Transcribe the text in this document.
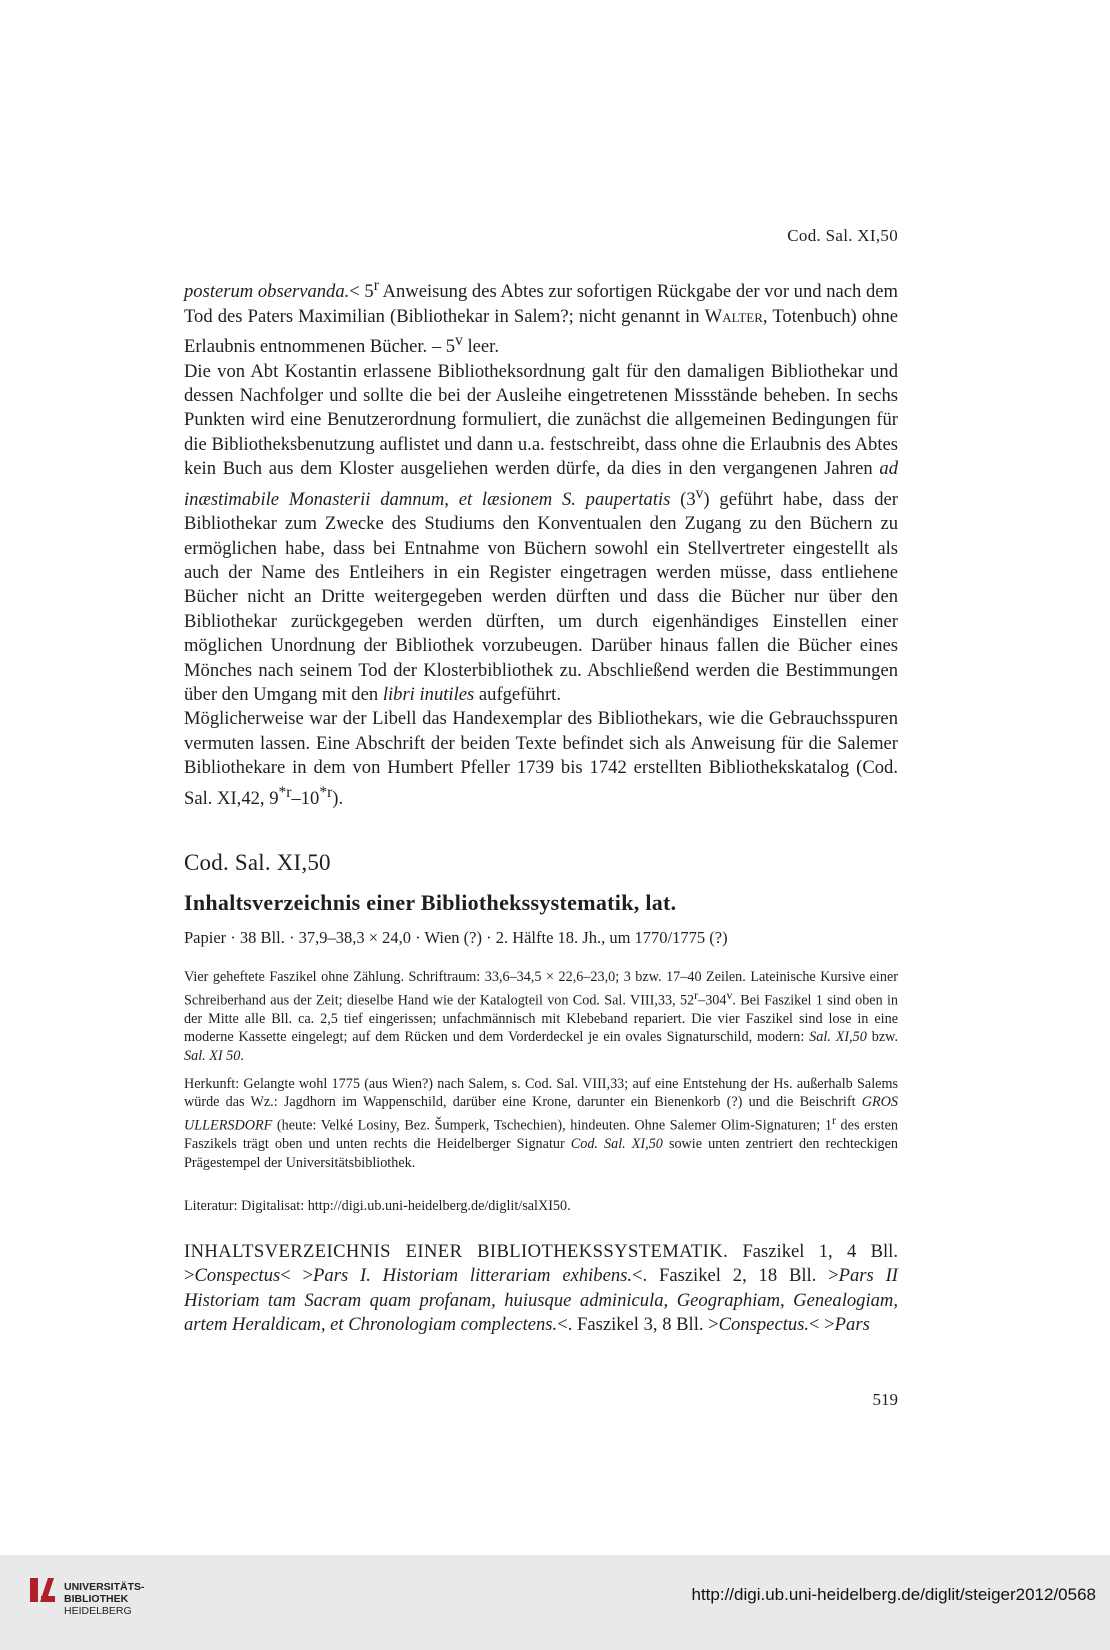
Cod. Sal. XI,50

posterum observanda.< $5^r$ Anweisung des Abtes zur sofortigen Rückgabe der vor und nach dem Tod des Paters Maximilian (Bibliothekar in Salem?; nicht genannt in Walter, Totenbuch) ohne Erlaubnis entnommenen Bücher. – 5$^v$ leer.

Die von Abt Kostantin erlassene Bibliotheksordnung galt für den damaligen Bibliothekar und dessen Nachfolger und sollte die bei der Ausleihe eingetretenen Missstände beheben. In sechs Punkten wird eine Benutzerordnung formuliert, die zunächst die allgemeinen Bedingungen für die Bibliotheksbenutzung auflistet und dann u.a. festschreibt, dass ohne die Erlaubnis des Abtes kein Buch aus dem Kloster ausgeliehen werden dürfe, da dies in den vergangenen Jahren ad inæstimabile Monasterii damnum, et læsionem S. paupertatis (3$^v$) geführt habe, dass der Bibliothekar zum Zwecke des Studiums den Konventualen den Zugang zu den Büchern zu ermöglichen habe, dass bei Entnahme von Büchern sowohl ein Stellvertreter eingestellt als auch der Name des Entleihers in ein Register eingetragen werden müsse, dass entliehene Bücher nicht an Dritte weitergegeben werden dürften und dass die Bücher nur über den Bibliothekar zurückgegeben werden dürften, um durch eigenhändiges Einstellen einer möglichen Unordnung der Bibliothek vorzubeugen. Darüber hinaus fallen die Bücher eines Mönches nach seinem Tod der Klosterbibliothek zu. Abschließend werden die Bestimmungen über den Umgang mit den libri inutiles aufgeführt.

Möglicherweise war der Libell das Handexemplar des Bibliothekars, wie die Gebrauchsspuren vermuten lassen. Eine Abschrift der beiden Texte befindet sich als Anweisung für die Salemer Bibliothekare in dem von Humbert Pfeller 1739 bis 1742 erstellten Bibliothekskatalog (Cod. Sal. XI,42, 9$^{*r}$–10$^{*r}$).

Cod. Sal. XI,50
Inhaltsverzeichnis einer Bibliothekssystematik, lat.
Papier · 38 Bll. · 37,9–38,3 × 24,0 · Wien (?) · 2. Hälfte 18. Jh., um 1770/1775 (?)

Vier geheftete Faszikel ohne Zählung. Schriftraum: 33,6–34,5 × 22,6–23,0; 3 bzw. 17–40 Zeilen. Lateinische Kursive einer Schreiberhand aus der Zeit; dieselbe Hand wie der Katalogteil von Cod. Sal. VIII,33, 52$^r$–304$^v$. Bei Faszikel 1 sind oben in der Mitte alle Bll. ca. 2,5 tief eingerissen; unfachmännisch mit Klebeband repariert. Die vier Faszikel sind lose in eine moderne Kassette eingelegt; auf dem Rücken und dem Vorderdeckel je ein ovales Signaturschild, modern: Sal. XI,50 bzw. Sal. XI 50.

Herkunft: Gelangte wohl 1775 (aus Wien?) nach Salem, s. Cod. Sal. VIII,33; auf eine Entstehung der Hs. außerhalb Salems würde das Wz.: Jagdhorn im Wappenschild, darüber eine Krone, darunter ein Bienenkorb (?) und die Beischrift GROS ULLERSDORF (heute: Velké Losiny, Bez. Šumperk, Tschechien), hindeuten. Ohne Salemer Olim-Signaturen; 1$^r$ des ersten Faszikels trägt oben und unten rechts die Heidelberger Signatur Cod. Sal. XI,50 sowie unten zentriert den rechteckigen Prägestempel der Universitätsbibliothek.

Literatur: Digitalisat: http://digi.ub.uni-heidelberg.de/diglit/salXI50.

INHALTSVERZEICHNIS EINER BIBLIOTHEKSSYSTEMATIK. Faszikel 1, 4 Bll. >Conspectus< >Pars I. Historiam litterariam exhibens.<. Faszikel 2, 18 Bll. >Pars II Historiam tam Sacram quam profanam, huiusque adminicula, Geographiam, Genealogiam, artem Heraldicam, et Chronologiam complectens.<. Faszikel 3, 8 Bll. >Conspectus.< >Pars

519
UNIVERSITÄTS-
BIBLIOTHEK
HEIDELBERG
http://digi.ub.uni-heidelberg.de/diglit/steiger2012/0568
